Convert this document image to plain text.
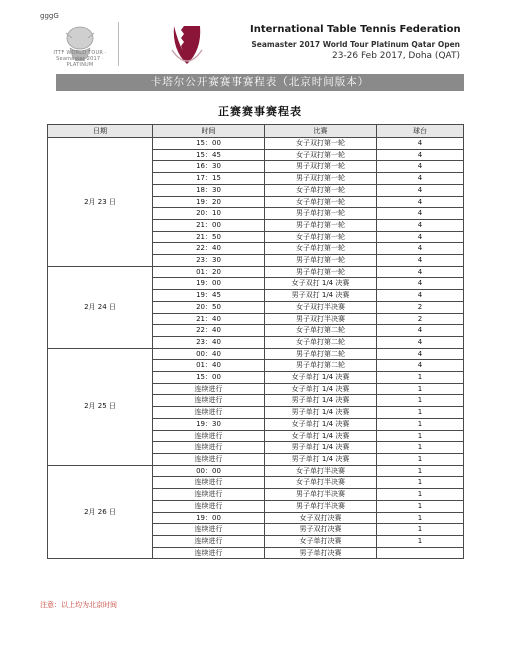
gggG
ITTF WORLD TOUR · Seamaster 2017 · PLATINUM
International Table Tennis Federation
Seamaster 2017 World Tour Platinum Qatar Open
23-26 Feb 2017, Doha (QAT)
卡塔尔公开赛赛事赛程表（北京时间版本）
正赛赛事赛程表
日期	时间	比赛	球台
2月 23 日	15：00	女子双打第一轮	4
	15：45	女子双打第一轮	4
	16：30	男子双打第一轮	4
	17：15	男子双打第一轮	4
	18：30	女子单打第一轮	4
	19：20	女子单打第一轮	4
	20：10	男子单打第一轮	4
	21：00	男子单打第一轮	4
	21：50	女子单打第一轮	4
	22：40	女子单打第一轮	4
	23：30	男子单打第一轮	4
2月 24 日	01：20	男子单打第一轮	4
	19：00	女子双打 1/4 决赛	4
	19：45	男子双打 1/4 决赛	4
	20：50	女子双打半决赛	2
	21：40	男子双打半决赛	2
	22：40	女子单打第二轮	4
	23：40	女子单打第二轮	4
2月 25 日	00：40	男子单打第二轮	4
	01：40	男子单打第二轮	4
	15：00	女子单打 1/4 决赛	1
	连续进行	女子单打 1/4 决赛	1
	连续进行	男子单打 1/4 决赛	1
	连续进行	男子单打 1/4 决赛	1
	19：30	女子单打 1/4 决赛	1
	连续进行	女子单打 1/4 决赛	1
	连续进行	男子单打 1/4 决赛	1
	连续进行	男子单打 1/4 决赛	1
2月 26 日	00：00	女子单打半决赛	1
	连续进行	女子单打半决赛	1
	连续进行	男子单打半决赛	1
	连续进行	男子单打半决赛	1
	19：00	女子双打决赛	1
	连续进行	男子双打决赛	1
	连续进行	女子单打决赛	1
	连续进行	男子单打决赛	
注意：以上均为北京时间
